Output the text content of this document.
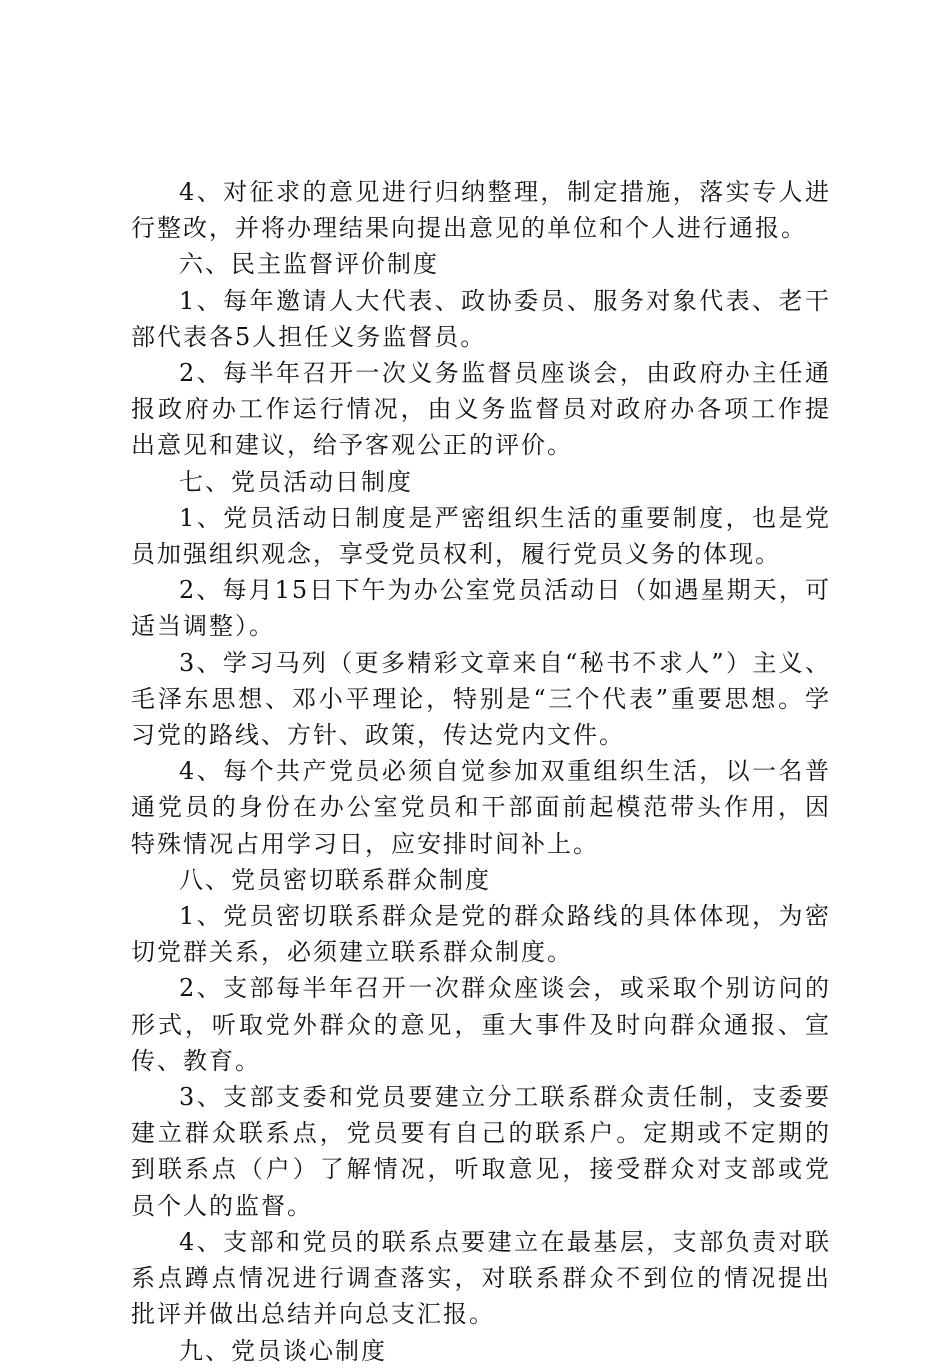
4、对征求的意见进行归纳整理，制定措施，落实专人进行整改，并将办理结果向提出意见的单位和个人进行通报。

六、民主监督评价制度

1、每年邀请人大代表、政协委员、服务对象代表、老干部代表各5人担任义务监督员。

2、每半年召开一次义务监督员座谈会，由政府办主任通报政府办工作运行情况，由义务监督员对政府办各项工作提出意见和建议，给予客观公正的评价。

七、党员活动日制度

1、党员活动日制度是严密组织生活的重要制度，也是党员加强组织观念，享受党员权利，履行党员义务的体现。

2、每月15日下午为办公室党员活动日（如遇星期天，可适当调整）。

3、学习马列（更多精彩文章来自“秘书不求人”）主义、毛泽东思想、邓小平理论，特别是“三个代表”重要思想。学习党的路线、方针、政策，传达党内文件。

4、每个共产党员必须自觉参加双重组织生活，以一名普通党员的身份在办公室党员和干部面前起模范带头作用，因特殊情况占用学习日，应安排时间补上。

八、党员密切联系群众制度

1、党员密切联系群众是党的群众路线的具体体现，为密切党群关系，必须建立联系群众制度。

2、支部每半年召开一次群众座谈会，或采取个别访问的形式，听取党外群众的意见，重大事件及时向群众通报、宣传、教育。

3、支部支委和党员要建立分工联系群众责任制，支委要建立群众联系点，党员要有自己的联系户。定期或不定期的到联系点（户）了解情况，听取意见，接受群众对支部或党员个人的监督。

4、支部和党员的联系点要建立在最基层，支部负责对联系点蹲点情况进行调查落实，对联系群众不到位的情况提出批评并做出总结并向总支汇报。

九、党员谈心制度
